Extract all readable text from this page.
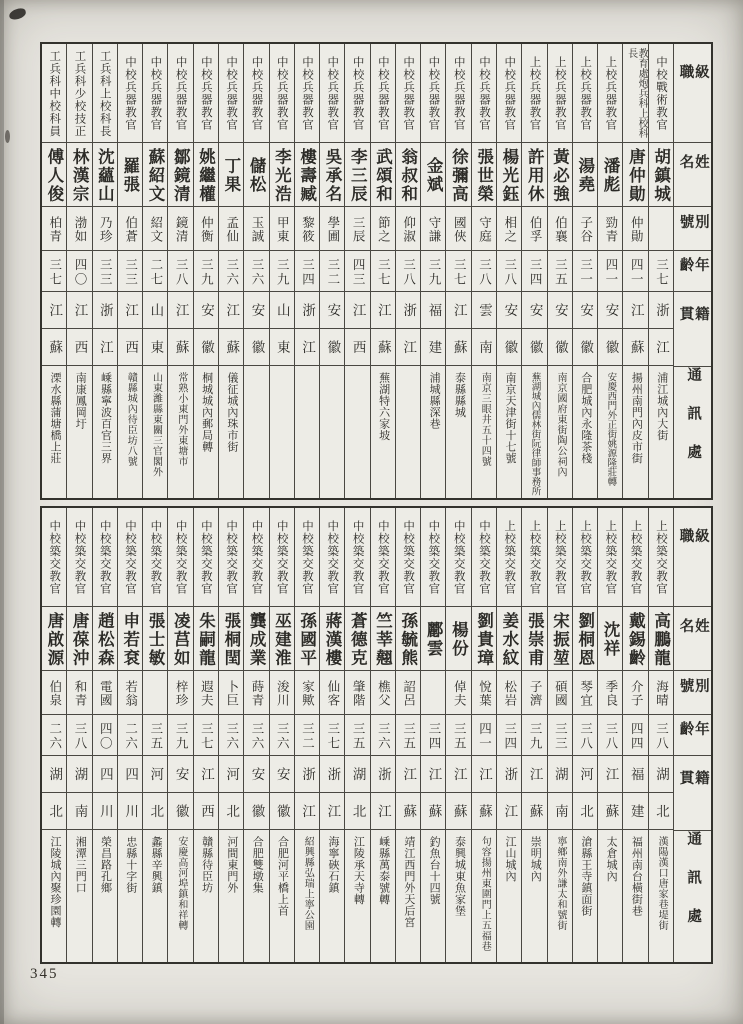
級職
姓名
別號
年齡
籍貫
通訊處
中校戰術教官
胡鎮城
三七
浙
江
浦江城內大街
教育處炮兵科上校科長
唐仲勛
仲勛
四一
江
蘇
揚州南門內皮市街
上校兵器教官
潘彪
勁青
四一
安
徽
安慶西門外正街姚源隆莊轉
上校兵器教官
湯堯
子谷
三一
安
徽
合肥城內永隆茶棧
上校兵器教官
黃必強
伯襄
三五
安
徽
南京國府東街陶公祠內
上校兵器教官
許用休
伯孚
三四
安
徽
蕪湖城內儒林街阮律師事務所
中校兵器教官
楊光鈺
相之
三八
安
徽
南京天津街十七號
中校兵器教官
張世榮
守庭
三八
雲
南
南京三眼井五十四號
中校兵器教官
徐彌高
國俠
三七
江
蘇
泰縣縣城
中校兵器教官
金斌
守謙
三九
福
建
浦城縣深巷
中校兵器教官
翁叔和
仰淑
三八
浙
江
中校兵器教官
武頌和
節之
三七
江
蘇
蕪湖特六家坡
中校兵器教官
李三辰
三辰
四三
江
西
中校兵器教官
吳承名
學圃
三二
安
徽
中校兵器教官
樓壽臧
黎筱
三四
浙
江
中校兵器教官
李光浩
甲東
三九
山
東
中校兵器教官
儲松
玉誠
三六
安
徽
中校兵器教官
丁果
孟仙
三六
江
蘇
儀征城內珠市街
中校兵器教官
姚繼權
仲衡
三九
安
徽
桐城城內郵局轉
中校兵器教官
鄒鏡清
鏡清
三八
江
蘇
常熟小東門外東塘市
中校兵器教官
蘇紹文
紹文
二七
山
東
山東濰縣東關三官閣外
中校兵器教官
羅張
伯蒼
三三
江
西
贛縣城內待臣坊八號
工兵科上校科長
沈蘊山
乃珍
三三
浙
江
嵊縣寧波百官三界
工兵科少校技正
林漢宗
渤如
四〇
江
西
南康鳳岡圩
工兵科中校科員
傅人俊
柏青
三七
江
蘇
溧水縣蒲塘橋上莊
級職
姓名
別號
年齡
籍貫
通訊處
上校築交教官
高鵬龍
海晴
三八
湖
北
漢陽漢口唐家巷堤街
上校築交教官
戴錫齡
介子
四四
福
建
福州南台橫街巷
上校築交教官
沈祥
季良
三八
江
蘇
太倉城內
上校築交教官
劉桐恩
琴宜
三八
河
北
滄縣王寺鎮面街
上校築交教官
宋振堃
碩國
三三
湖
南
寧鄉南外謙太和號街
上校築交教官
張崇甫
子濟
三九
江
蘇
崇明城內
上校築交教官
姜水紋
松岩
三四
浙
江
江山城內
中校築交教官
劉貴璋
悅葉
四一
江
蘇
句容揚州東圍門上五福巷
中校築交教官
楊份
倬夫
三五
江
蘇
泰興城東魚家堡
中校築交教官
酈雲
三四
江
蘇
釣魚台十四號
中校築交教官
孫毓熊
詔呂
三五
江
蘇
靖江西門外天后宮
中校築交教官
竺莘翹
樵父
三六
浙
江
嵊縣萬泰號轉
中校築交教官
蒼德克
肇階
三五
湖
北
江陵承天寺轉
中校築交教官
蔣漢樓
仙客
三七
浙
江
海寧硤石鎮
中校築交教官
孫國平
家歟
三二
浙
江
紹興縣弘瑞上寧公園
中校築交教官
巫建淮
浚川
三六
安
徽
合肥河平橋上首
中校築交教官
龔成業
蒔青
三六
安
徽
合肥雙墩集
中校築交教官
張桐閏
卜巨
三六
河
北
河間東門外
中校築交教官
朱嗣龍
遐夫
三七
江
西
贛縣待臣坊
中校築交教官
凌莒如
梓珍
三九
安
徽
安慶高河埠鎮和祥轉
中校築交教官
張士敏
三五
河
北
蠡縣辛興鎮
中校築交教官
申若袞
若翁
二六
四
川
忠縣十字街
中校築交教官
趙松森
電國
四〇
四
川
榮昌路孔鄉
中校築交教官
唐葆沖
和青
三八
湖
南
湘潭三門口
中校築交教官
唐啟源
伯泉
二六
湖
北
江陵城內聚珍園轉
345
